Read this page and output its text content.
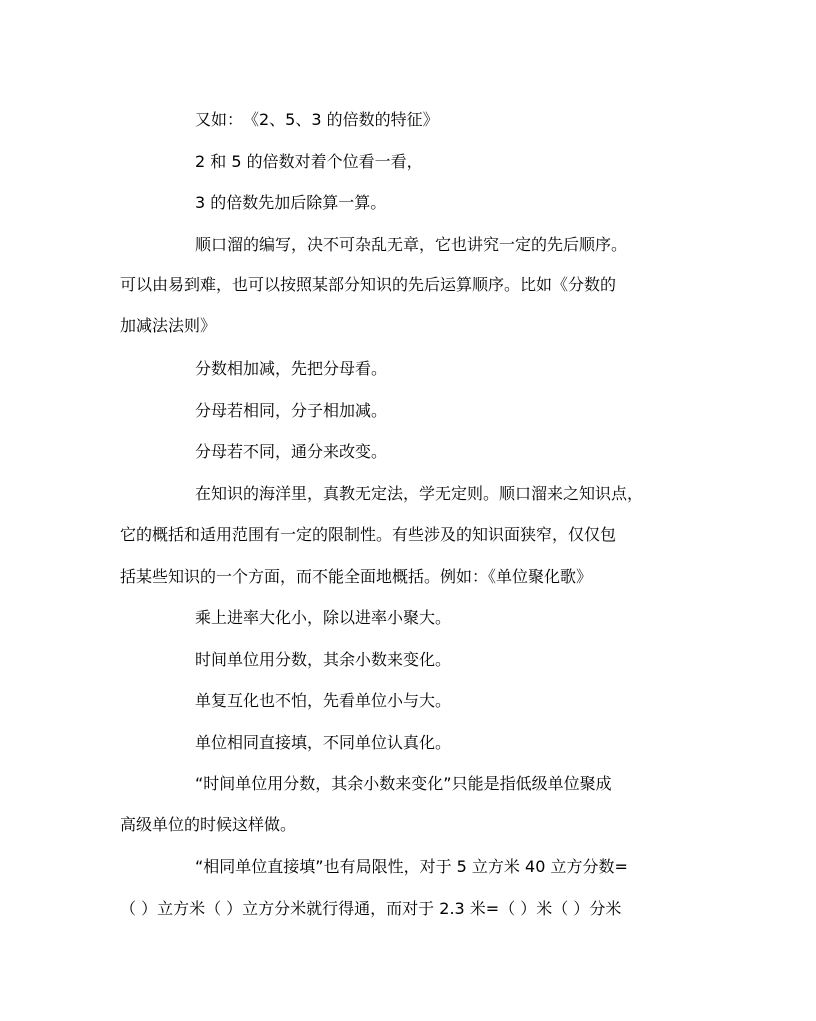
又如：　《2、5、3 的倍数的特征》
2 和 5 的倍数对着个位看一看，
3 的倍数先加后除算一算。
顺口溜的编写，决不可杂乱无章，它也讲究一定的先后顺序。
可以由易到难，也可以按照某部分知识的先后运算顺序。比如《分数的
加减法法则》
分数相加减，先把分母看。
分母若相同，分子相加减。
分母若不同，通分来改变。
在知识的海洋里，真教无定法，学无定则。顺口溜来之知识点，
它的概括和适用范围有一定的限制性。有些涉及的知识面狭窄，仅仅包
括某些知识的一个方面，而不能全面地概括。例如：《单位聚化歌》
乘上进率大化小，除以进率小聚大。
时间单位用分数，其余小数来变化。
单复互化也不怕，先看单位小与大。
单位相同直接填，不同单位认真化。
“时间单位用分数，其余小数来变化”只能是指低级单位聚成
高级单位的时候这样做。
“相同单位直接填”也有局限性，对于 5 立方米 40 立方分数=
（ ）立方米（ ）立方分米就行得通，而对于 2.3 米=（ ）米（ ）分米
